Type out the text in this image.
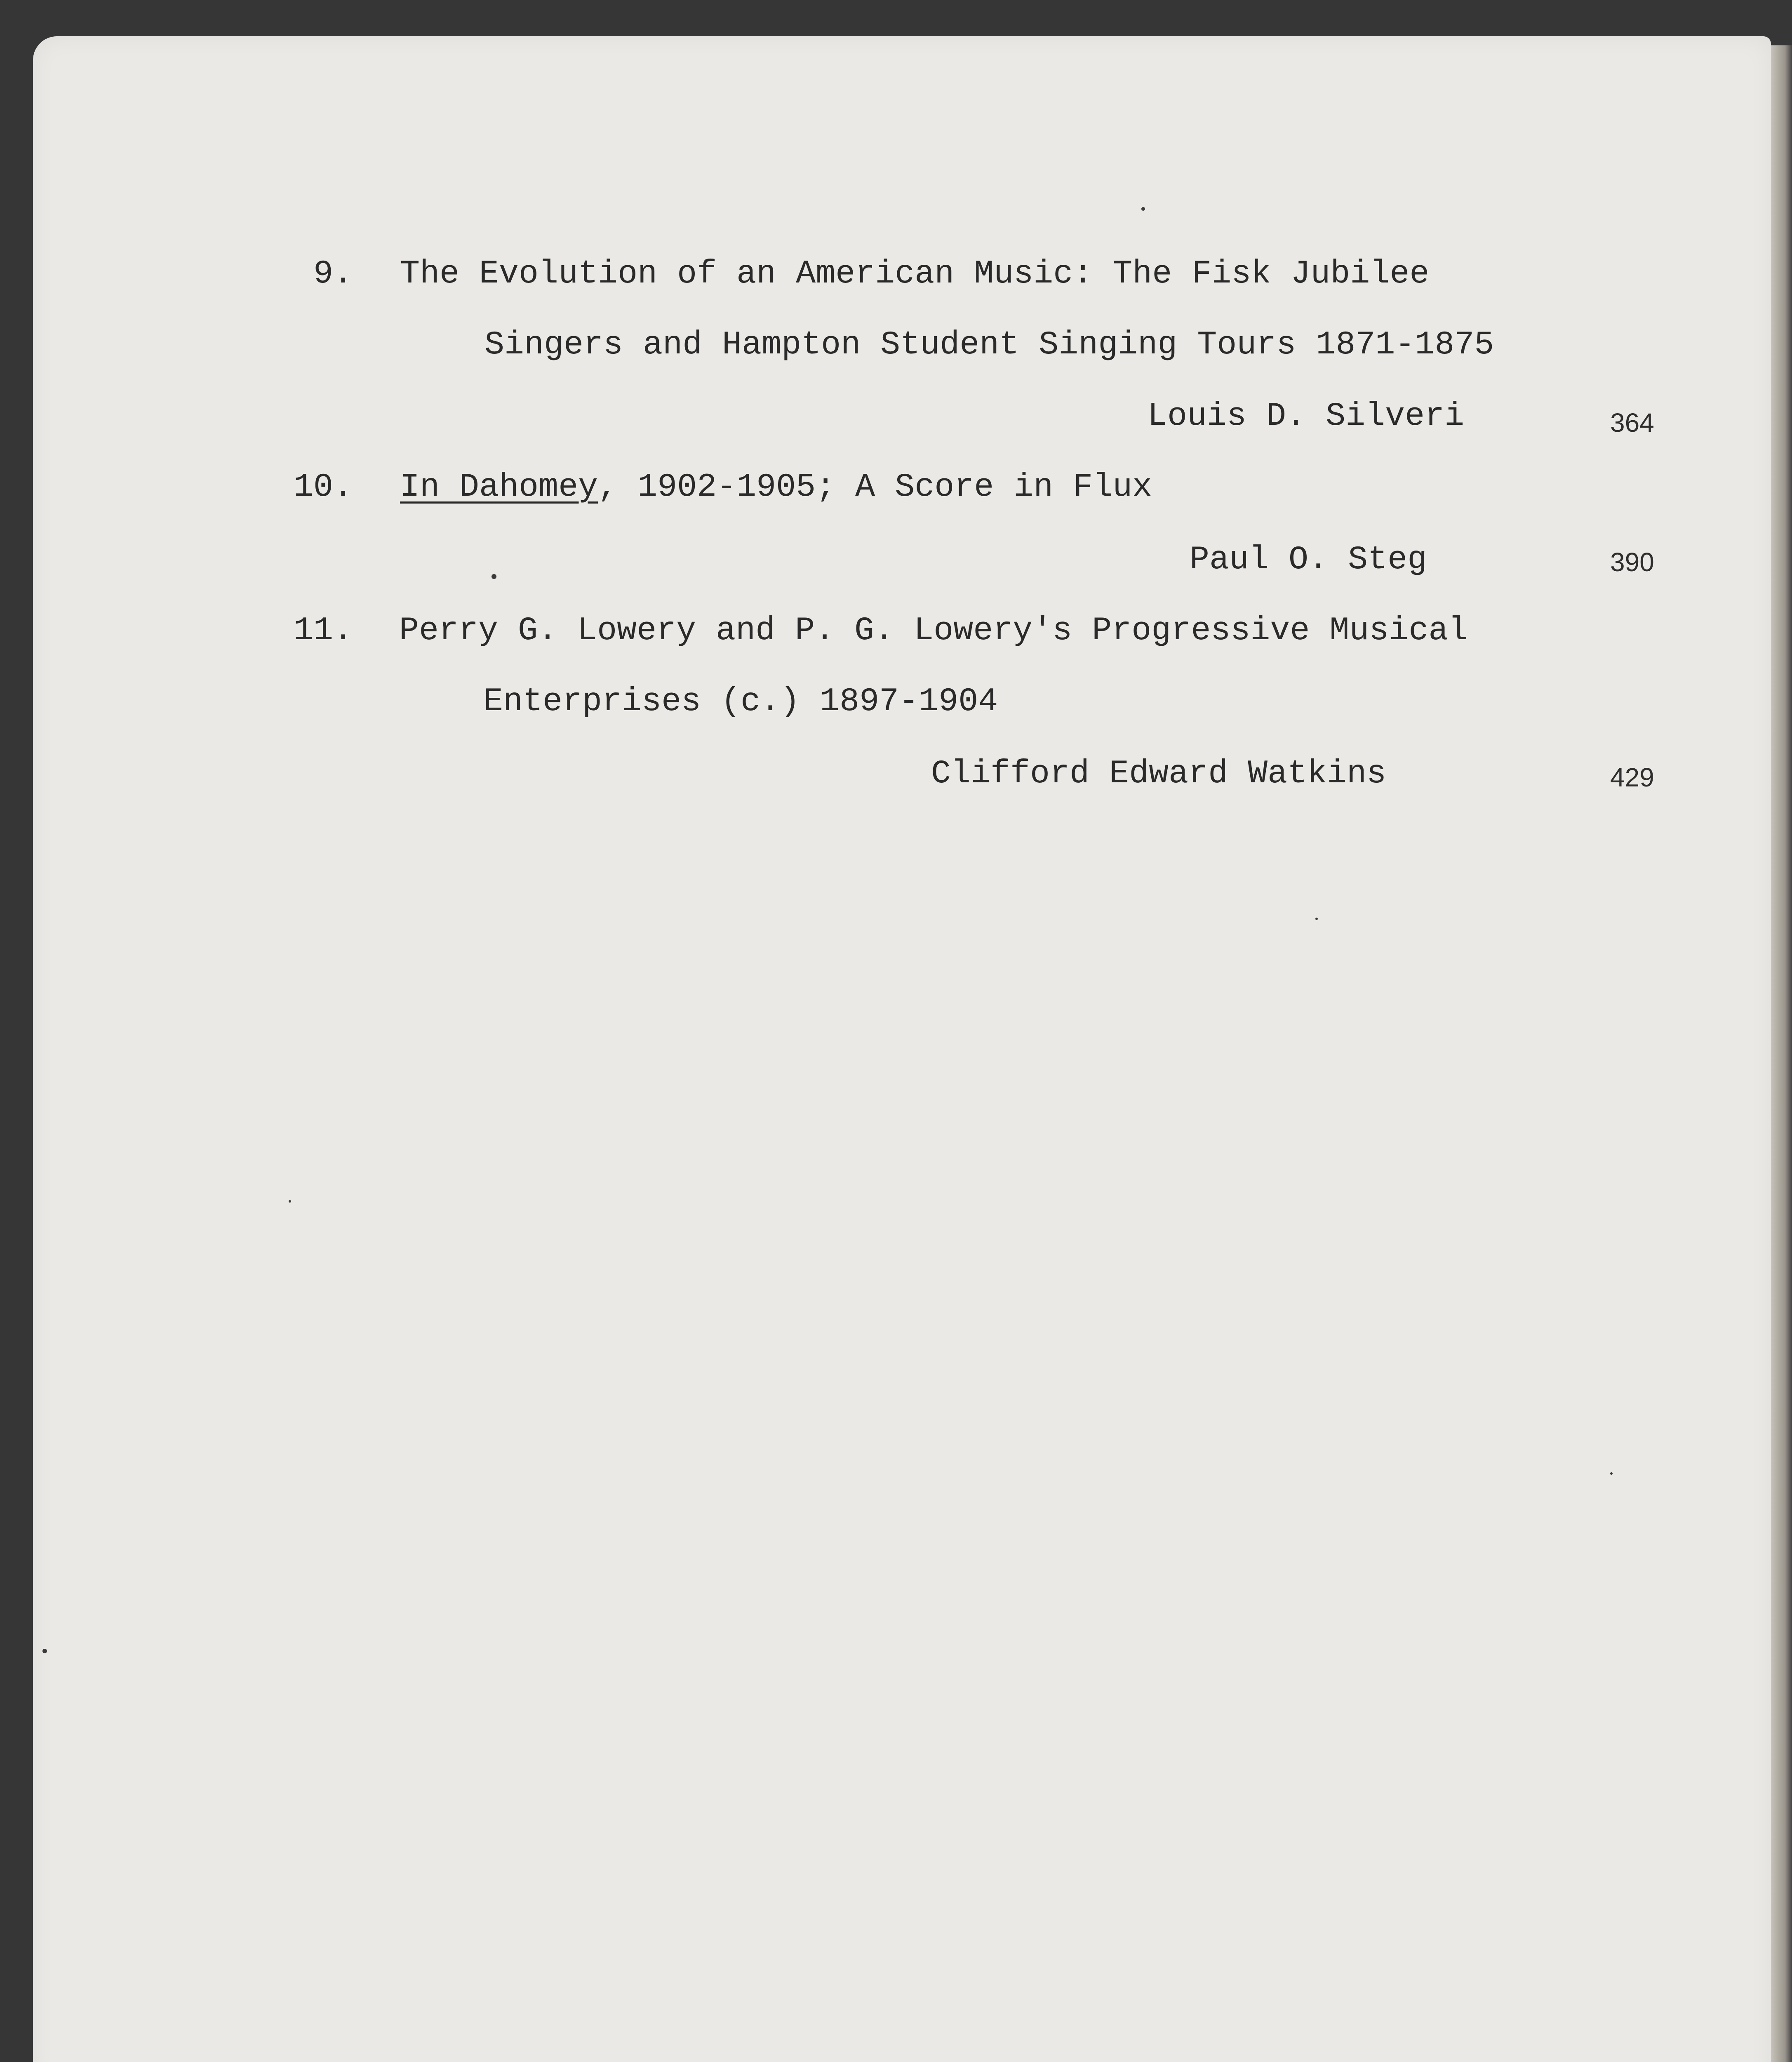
9. The Evolution of an American Music: The Fisk Jubilee
Singers and Hampton Student Singing Tours 1871-1875
Louis D. Silveri	364
10. In Dahomey, 1902-1905; A Score in Flux
Paul O. Steg	390
11. Perry G. Lowery and P. G. Lowery's Progressive Musical
Enterprises (c.) 1897-1904
Clifford Edward Watkins	429
